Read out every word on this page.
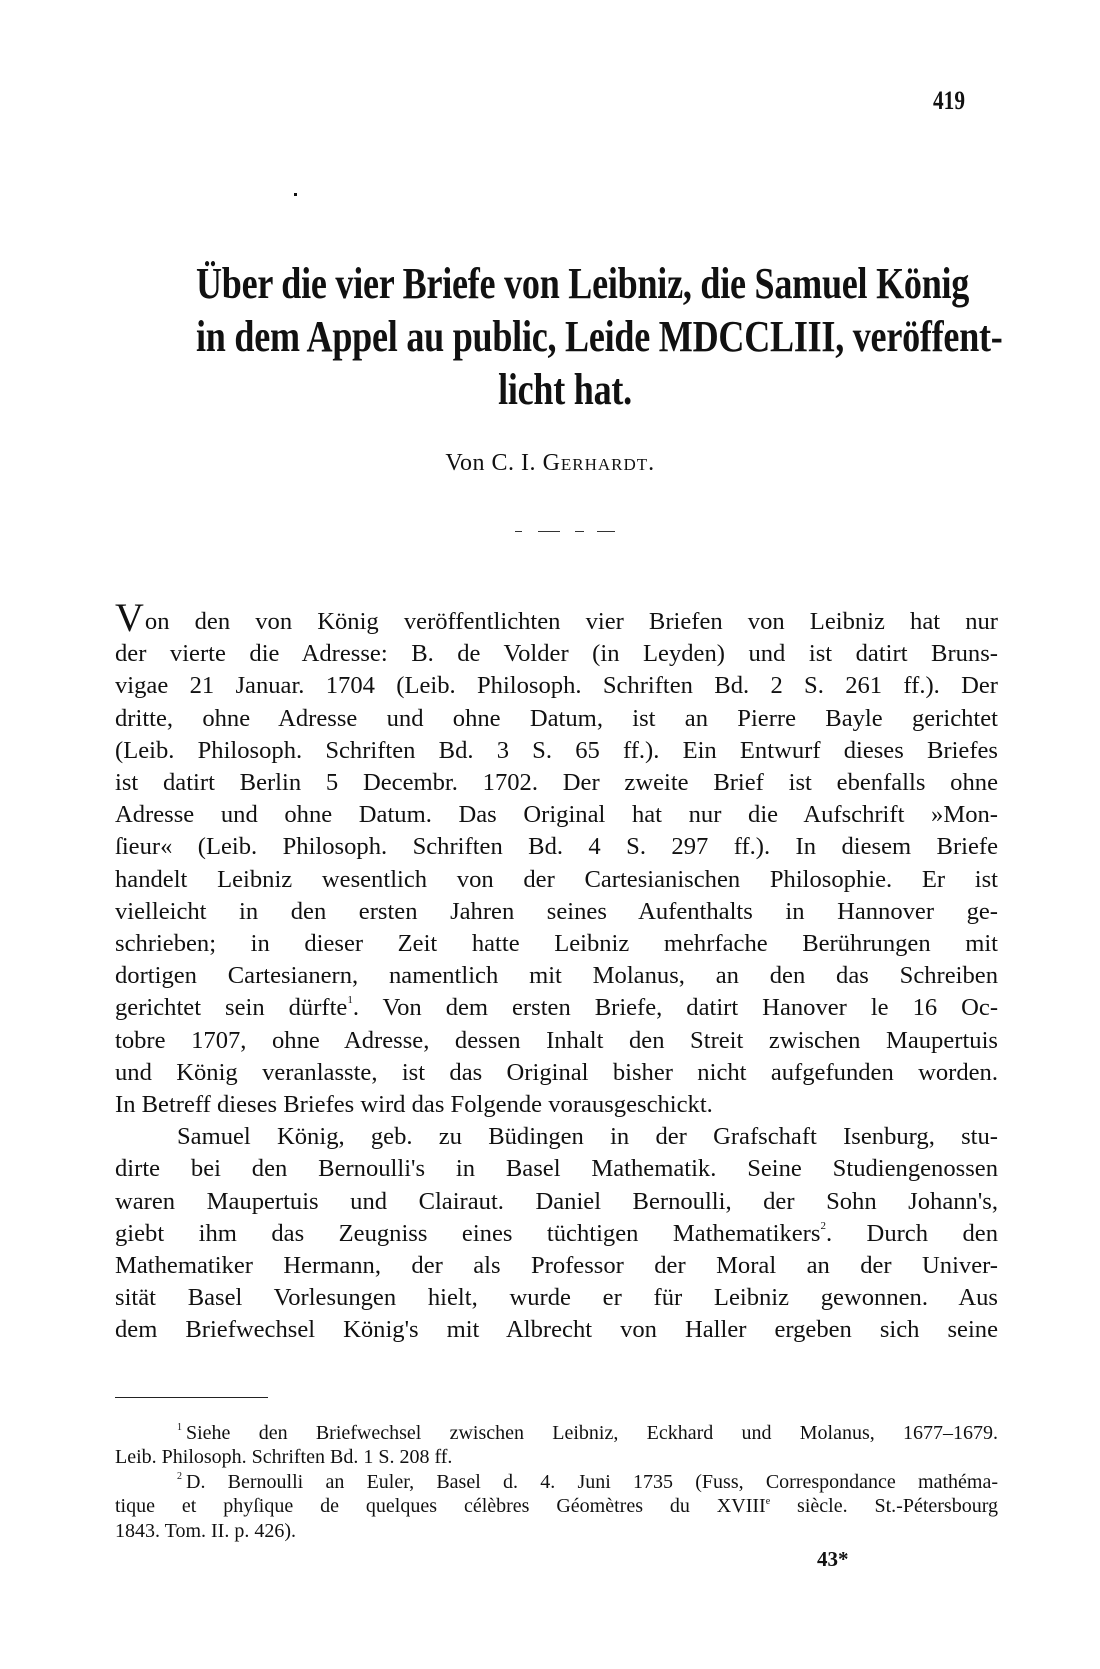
419
Über die vier Briefe von Leibniz, die Samuel König
in dem Appel au public, Leide MDCCLIII, veröffent-
licht hat.
Von C. I. Gerhardt.

Von den von König veröffentlichten vier Briefen von Leibniz hat nur
der vierte die Adresse: B. de Volder (in Leyden) und ist datirt Bruns-
vigae 21 Januar. 1704 (Leib. Philosoph. Schriften Bd. 2 S. 261 ff.). Der
dritte, ohne Adresse und ohne Datum, ist an Pierre Bayle gerichtet
(Leib. Philosoph. Schriften Bd. 3 S. 65 ff.). Ein Entwurf dieses Briefes
ist datirt Berlin 5 Decembr. 1702. Der zweite Brief ist ebenfalls ohne
Adresse und ohne Datum. Das Original hat nur die Aufschrift »Mon-
ſieur« (Leib. Philosoph. Schriften Bd. 4 S. 297 ff.). In diesem Briefe
handelt Leibniz wesentlich von der Cartesianischen Philosophie. Er ist
vielleicht in den ersten Jahren seines Aufenthalts in Hannover ge-
schrieben; in dieser Zeit hatte Leibniz mehrfache Berührungen mit
dortigen Cartesianern, namentlich mit Molanus, an den das Schreiben
gerichtet sein dürfte$^1$. Von dem ersten Briefe, datirt Hanover le 16 Oc-
tobre 1707, ohne Adresse, dessen Inhalt den Streit zwischen Maupertuis
und König veranlasste, ist das Original bisher nicht aufgefunden worden.
In Betreff dieses Briefes wird das Folgende vorausgeschickt.

Samuel König, geb. zu Büdingen in der Grafschaft Isenburg, stu-
dirte bei den Bernoulli's in Basel Mathematik. Seine Studiengenossen
waren Maupertuis und Clairaut. Daniel Bernoulli, der Sohn Johann's,
giebt ihm das Zeugniss eines tüchtigen Mathematikers$^2$. Durch den
Mathematiker Hermann, der als Professor der Moral an der Univer-
sität Basel Vorlesungen hielt, wurde er für Leibniz gewonnen. Aus
dem Briefwechsel König's mit Albrecht von Haller ergeben sich seine

$^1$ Siehe den Briefwechsel zwischen Leibniz, Eckhard und Molanus, 1677–1679.
Leib. Philosoph. Schriften Bd. 1 S. 208 ff.
$^2$ D. Bernoulli an Euler, Basel d. 4. Juni 1735 (Fuss, Correspondance mathéma-
tique et phyſique de quelques célèbres Géomètres du XVIIIe siècle. St.-Pétersbourg
1843. Tom. II. p. 426).
43*
